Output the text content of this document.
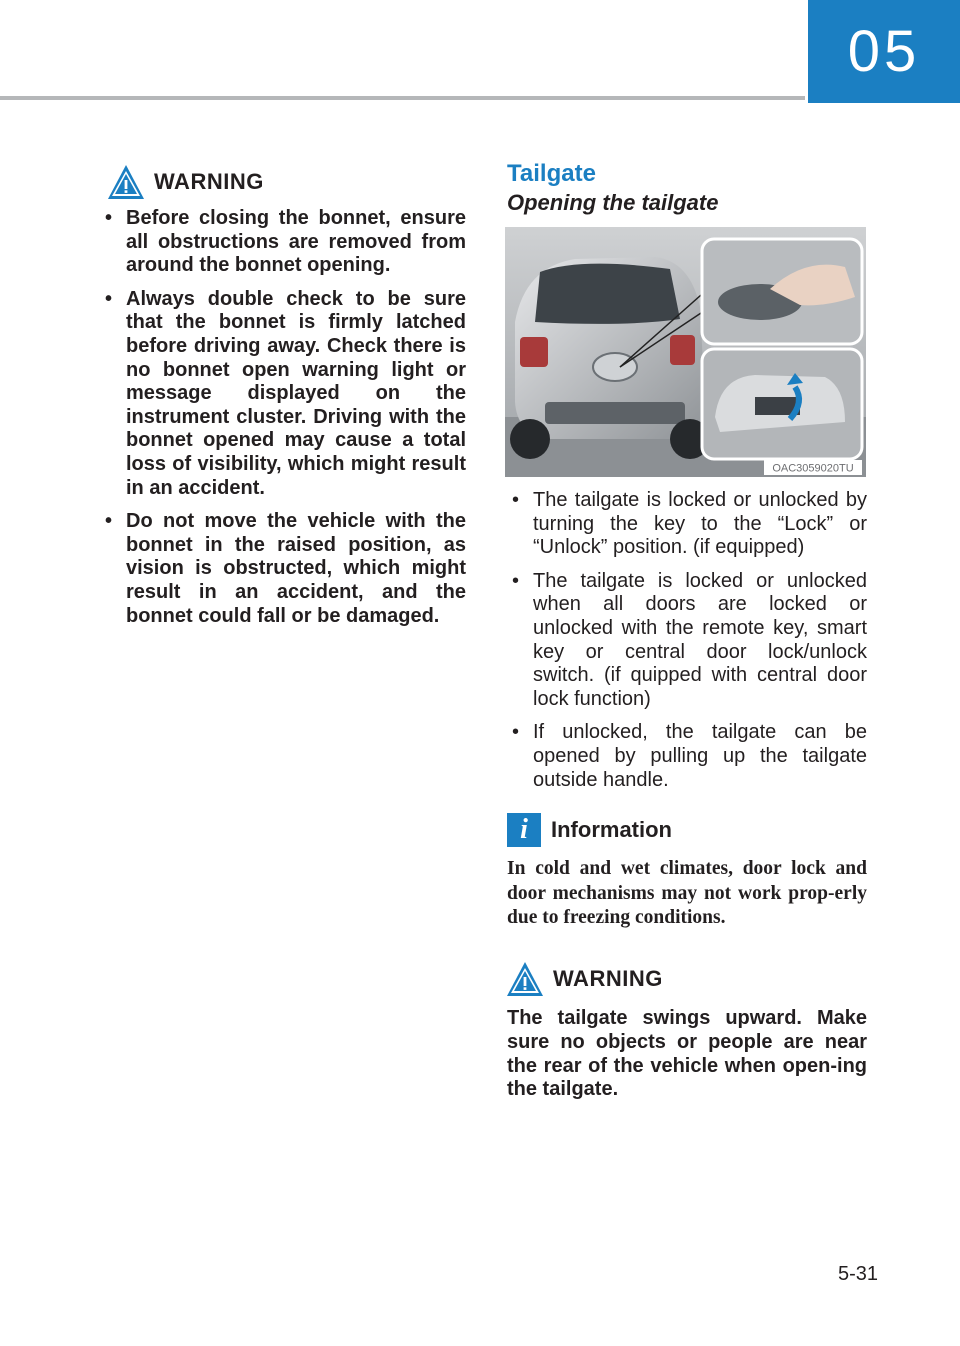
05
WARNING
• Before closing the bonnet, ensure all obstructions are removed from around the bonnet opening.
• Always double check to be sure that the bonnet is firmly latched before driving away. Check there is no bonnet open warning light or message displayed on the instrument cluster. Driving with the bonnet opened may cause a total loss of visibility, which might result in an accident.
• Do not move the vehicle with the bonnet in the raised position, as vision is obstructed, which might result in an accident, and the bonnet could fall or be damaged.
Tailgate
Opening the tailgate
OAC3059020TU
• The tailgate is locked or unlocked by turning the key to the “Lock” or “Unlock” position. (if equipped)
• The tailgate is locked or unlocked when all doors are locked or unlocked with the remote key, smart key or central door lock/unlock switch. (if quipped with central door lock function)
• If unlocked, the tailgate can be opened by pulling up the tailgate outside handle.
i	Information
In cold and wet climates, door lock and door mechanisms may not work prop-erly due to freezing conditions.
WARNING
The tailgate swings upward. Make sure no objects or people are near the rear of the vehicle when open-ing the tailgate.
5-31
